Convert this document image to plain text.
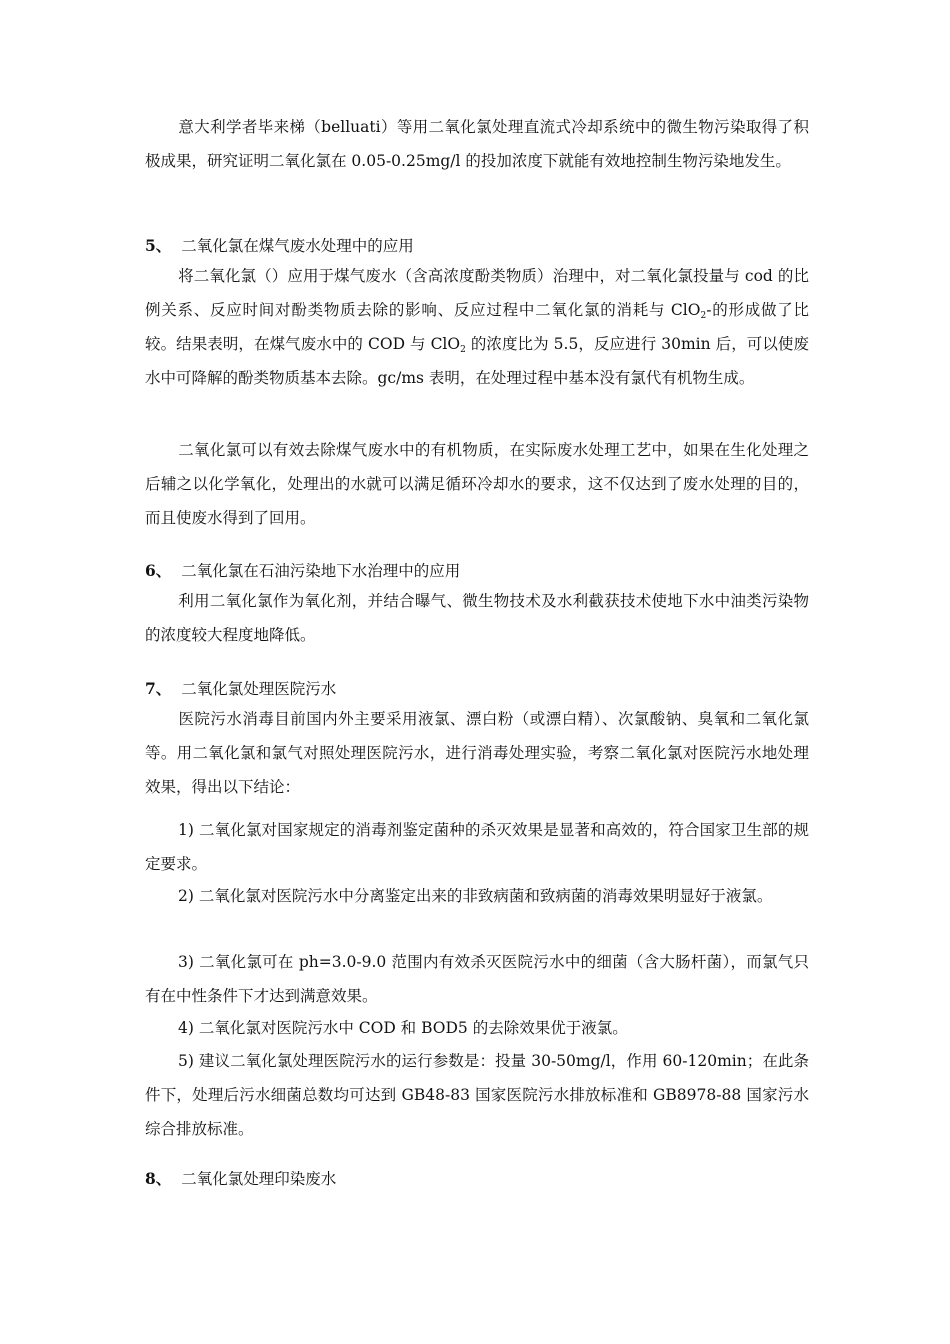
意大利学者毕来梯（belluati）等用二氧化氯处理直流式冷却系统中的微生物污染取得了积极成果，研究证明二氧化氯在 0.05-0.25mg/l 的投加浓度下就能有效地控制生物污染地发生。

5、 二氧化氯在煤气废水处理中的应用

将二氧化氯（）应用于煤气废水（含高浓度酚类物质）治理中，对二氧化氯投量与 cod 的比例关系、反应时间对酚类物质去除的影响、反应过程中二氧化氯的消耗与 ClO$_2$-的形成做了比较。结果表明，在煤气废水中的 COD 与 ClO$_2$ 的浓度比为 5.5，反应进行 30min 后，可以使废水中可降解的酚类物质基本去除。gc/ms 表明，在处理过程中基本没有氯代有机物生成。

二氧化氯可以有效去除煤气废水中的有机物质，在实际废水处理工艺中，如果在生化处理之后辅之以化学氧化，处理出的水就可以满足循环冷却水的要求，这不仅达到了废水处理的目的，而且使废水得到了回用。

6、 二氧化氯在石油污染地下水治理中的应用

利用二氧化氯作为氧化剂，并结合曝气、微生物技术及水利截获技术使地下水中油类污染物的浓度较大程度地降低。

7、 二氧化氯处理医院污水

医院污水消毒目前国内外主要采用液氯、漂白粉（或漂白精）、次氯酸钠、臭氧和二氧化氯等。用二氧化氯和氯气对照处理医院污水，进行消毒处理实验，考察二氧化氯对医院污水地处理效果，得出以下结论：

1) 二氧化氯对国家规定的消毒剂鉴定菌种的杀灭效果是显著和高效的，符合国家卫生部的规定要求。

2) 二氧化氯对医院污水中分离鉴定出来的非致病菌和致病菌的消毒效果明显好于液氯。

3) 二氧化氯可在 ph=3.0-9.0 范围内有效杀灭医院污水中的细菌（含大肠杆菌），而氯气只有在中性条件下才达到满意效果。

4) 二氧化氯对医院污水中 COD 和 BOD5 的去除效果优于液氯。

5) 建议二氧化氯处理医院污水的运行参数是：投量 30-50mg/l，作用 60-120min；在此条件下，处理后污水细菌总数均可达到 GB48-83 国家医院污水排放标准和 GB8978-88 国家污水综合排放标准。

8、 二氧化氯处理印染废水
